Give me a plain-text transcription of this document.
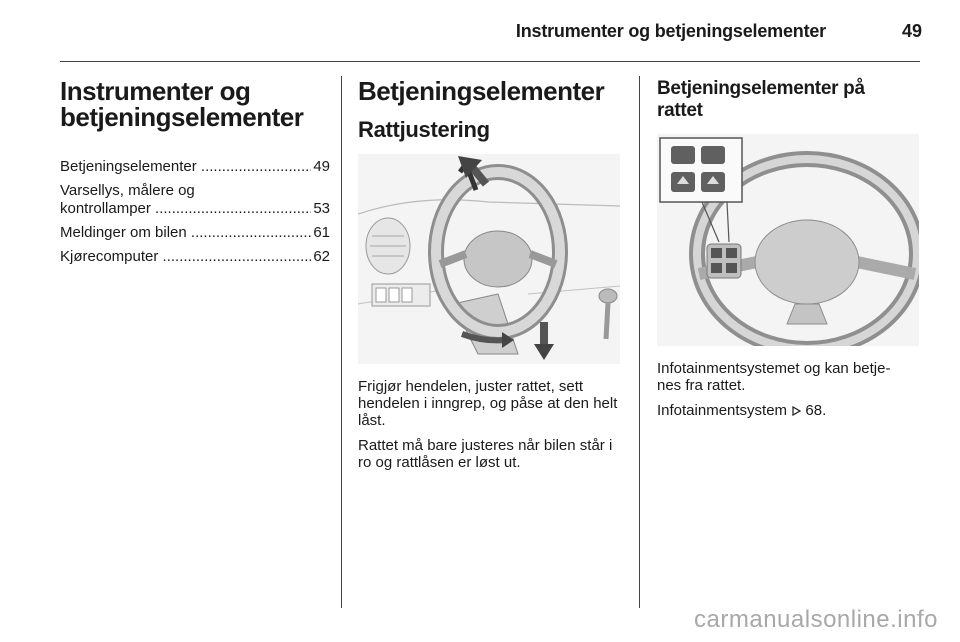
Instrumenter og betjeningselementer	49
Instrumenter og
betjeningselementer
Betjeningselementer .....	49
Varsellys, målere og
kontrollamper .....	53
Meldinger om bilen .....	61
Kjørecomputer .....	62
Betjeningselementer
Rattjustering

Frigjør hendelen, juster rattet, sett hendelen i inngrep, og påse at den helt låst.

Rattet må bare justeres når bilen står i ro og rattlåsen er løst ut.

Betjeningselementer på
rattet

Infotainmentsystemet og kan betje-
nes fra rattet.

Infotainmentsystem 68.

carmanualsonline.info
